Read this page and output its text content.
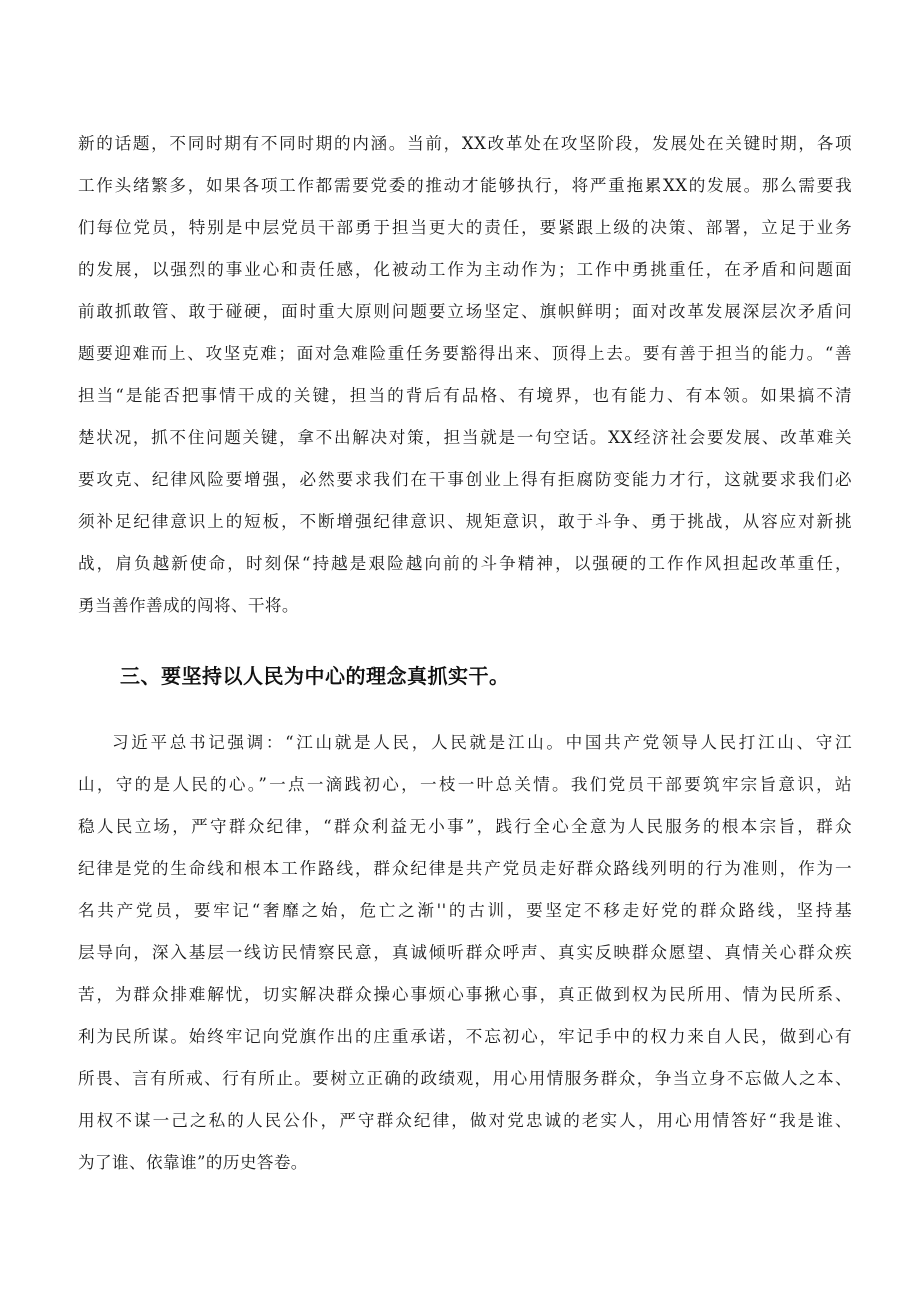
新的话题，不同时期有不同时期的内涵。当前，XX改革处在攻坚阶段，发展处在关键时期，各项
工作头绪繁多，如果各项工作都需要党委的推动才能够执行，将严重拖累XX的发展。那么需要我
们每位党员，特别是中层党员干部勇于担当更大的责任，要紧跟上级的决策、部署，立足于业务
的发展，以强烈的事业心和责任感，化被动工作为主动作为；工作中勇挑重任，在矛盾和问题面
前敢抓敢管、敢于碰硬，面时重大原则问题要立场坚定、旗帜鲜明；面对改革发展深层次矛盾问
题要迎难而上、攻坚克难；面对急难险重任务要豁得出来、顶得上去。要有善于担当的能力。“善
担当“是能否把事情干成的关键，担当的背后有品格、有境界，也有能力、有本领。如果搞不清
楚状况，抓不住问题关键，拿不出解决对策，担当就是一句空话。XX经济社会要发展、改革难关
要攻克、纪律风险要增强，必然要求我们在干事创业上得有拒腐防变能力才行，这就要求我们必
须补足纪律意识上的短板，不断增强纪律意识、规矩意识，敢于斗争、勇于挑战，从容应对新挑
战，肩负越新使命，时刻保“持越是艰险越向前的斗争精神，以强硬的工作作风担起改革重任，
勇当善作善成的闯将、干将。
三、要坚持以人民为中心的理念真抓实干。
习近平总书记强调：“江山就是人民，人民就是江山。中国共产党领导人民打江山、守江
山，守的是人民的心。”一点一滴践初心，一枝一叶总关情。我们党员干部要筑牢宗旨意识，站
稳人民立场，严守群众纪律，“群众利益无小事”，践行全心全意为人民服务的根本宗旨，群众
纪律是党的生命线和根本工作路线，群众纪律是共产党员走好群众路线列明的行为准则，作为一
名共产党员，要牢记“奢靡之始，危亡之渐''的古训，要坚定不移走好党的群众路线，坚持基
层导向，深入基层一线访民情察民意，真诚倾听群众呼声、真实反映群众愿望、真情关心群众疾
苦，为群众排难解忧，切实解决群众操心事烦心事揪心事，真正做到权为民所用、情为民所系、
利为民所谋。始终牢记向党旗作出的庄重承诺，不忘初心，牢记手中的权力来自人民，做到心有
所畏、言有所戒、行有所止。要树立正确的政绩观，用心用情服务群众，争当立身不忘做人之本、
用权不谋一己之私的人民公仆，严守群众纪律，做对党忠诚的老实人，用心用情答好“我是谁、
为了谁、依靠谁”的历史答卷。
